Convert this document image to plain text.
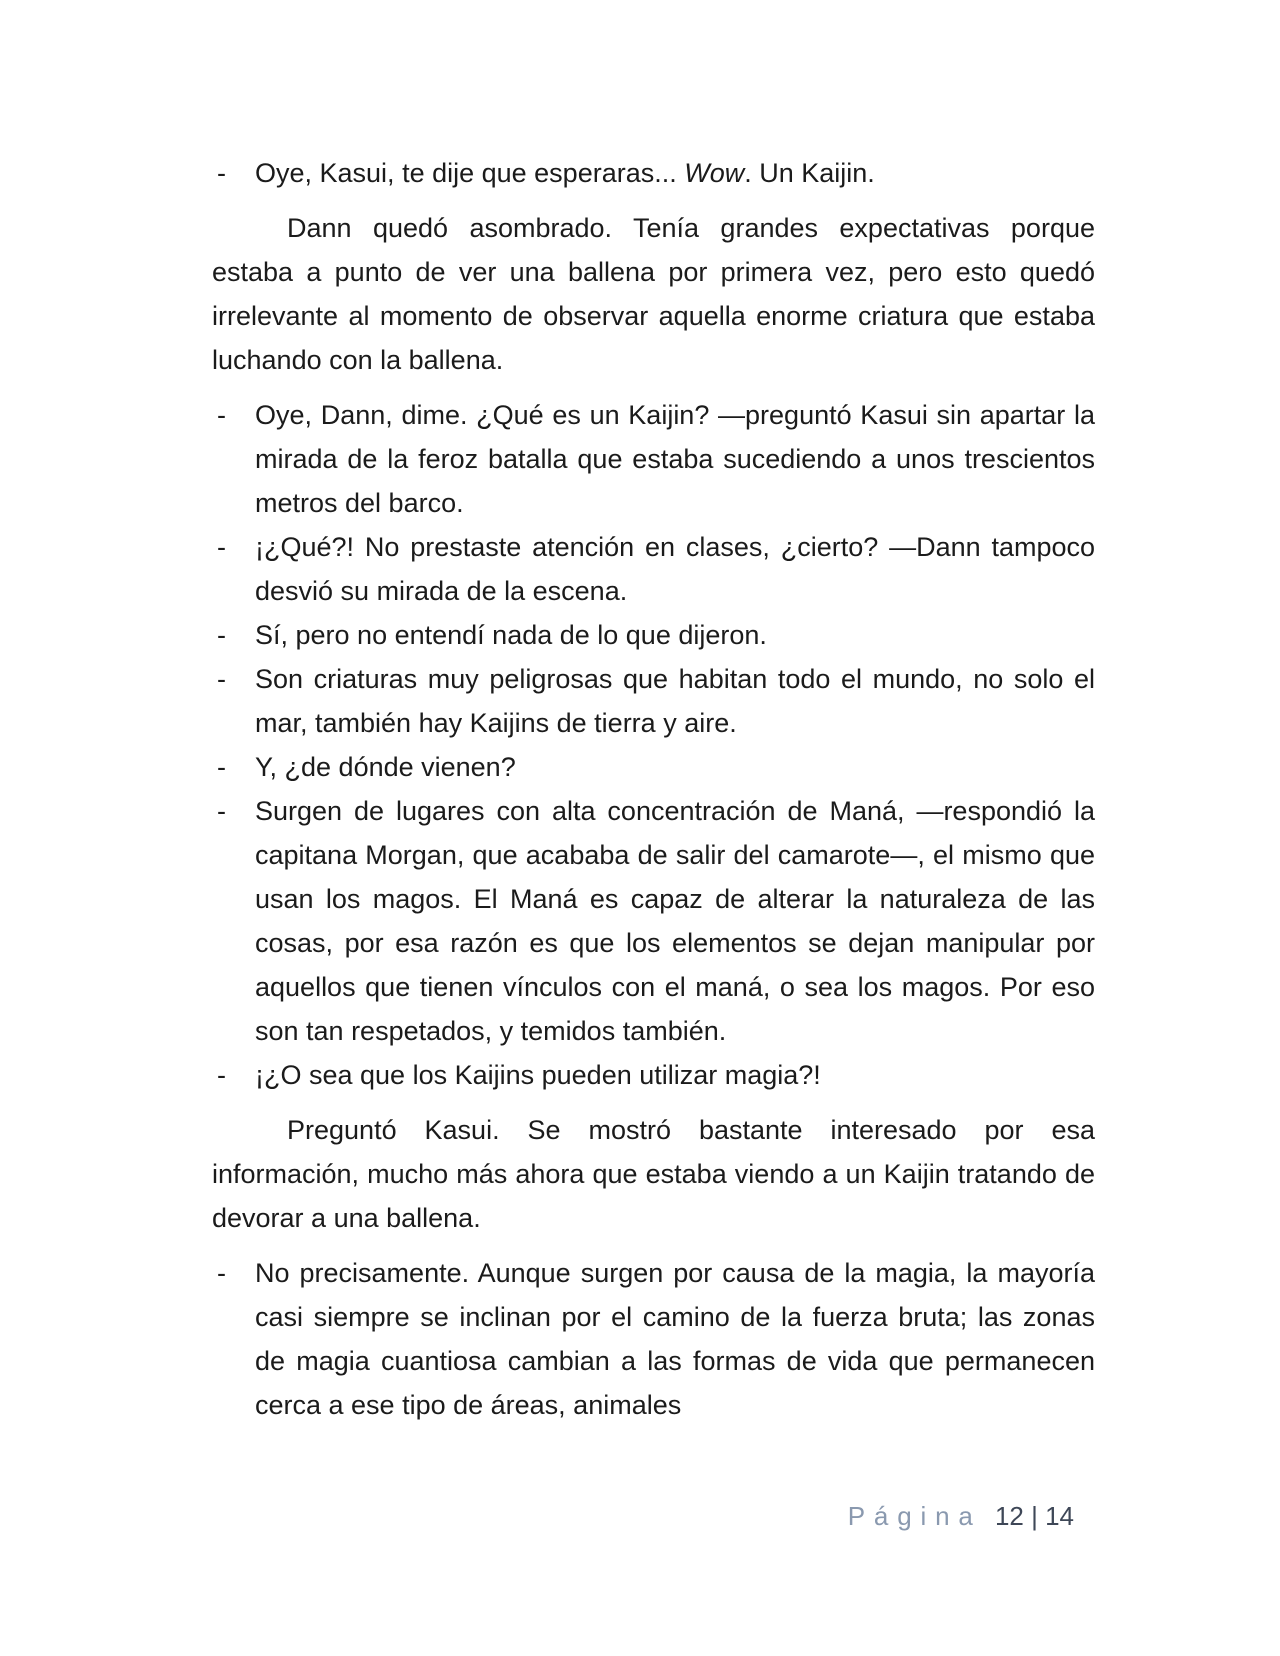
- Oye, Kasui, te dije que esperaras... Wow. Un Kaijin.

Dann quedó asombrado. Tenía grandes expectativas porque estaba a punto de ver una ballena por primera vez, pero esto quedó irrelevante al momento de observar aquella enorme criatura que estaba luchando con la ballena.

- Oye, Dann, dime. ¿Qué es un Kaijin? —preguntó Kasui sin apartar la mirada de la feroz batalla que estaba sucediendo a unos trescientos metros del barco.
- ¡¿Qué?! No prestaste atención en clases, ¿cierto? —Dann tampoco desvió su mirada de la escena.
- Sí, pero no entendí nada de lo que dijeron.
- Son criaturas muy peligrosas que habitan todo el mundo, no solo el mar, también hay Kaijins de tierra y aire.
- Y, ¿de dónde vienen?
- Surgen de lugares con alta concentración de Maná, —respondió la capitana Morgan, que acababa de salir del camarote—, el mismo que usan los magos. El Maná es capaz de alterar la naturaleza de las cosas, por esa razón es que los elementos se dejan manipular por aquellos que tienen vínculos con el maná, o sea los magos. Por eso son tan respetados, y temidos también.
- ¡¿O sea que los Kaijins pueden utilizar magia?!

Preguntó Kasui. Se mostró bastante interesado por esa información, mucho más ahora que estaba viendo a un Kaijin tratando de devorar a una ballena.

- No precisamente. Aunque surgen por causa de la magia, la mayoría casi siempre se inclinan por el camino de la fuerza bruta; las zonas de magia cuantiosa cambian a las formas de vida que permanecen cerca a ese tipo de áreas, animales
Página 12 | 14
